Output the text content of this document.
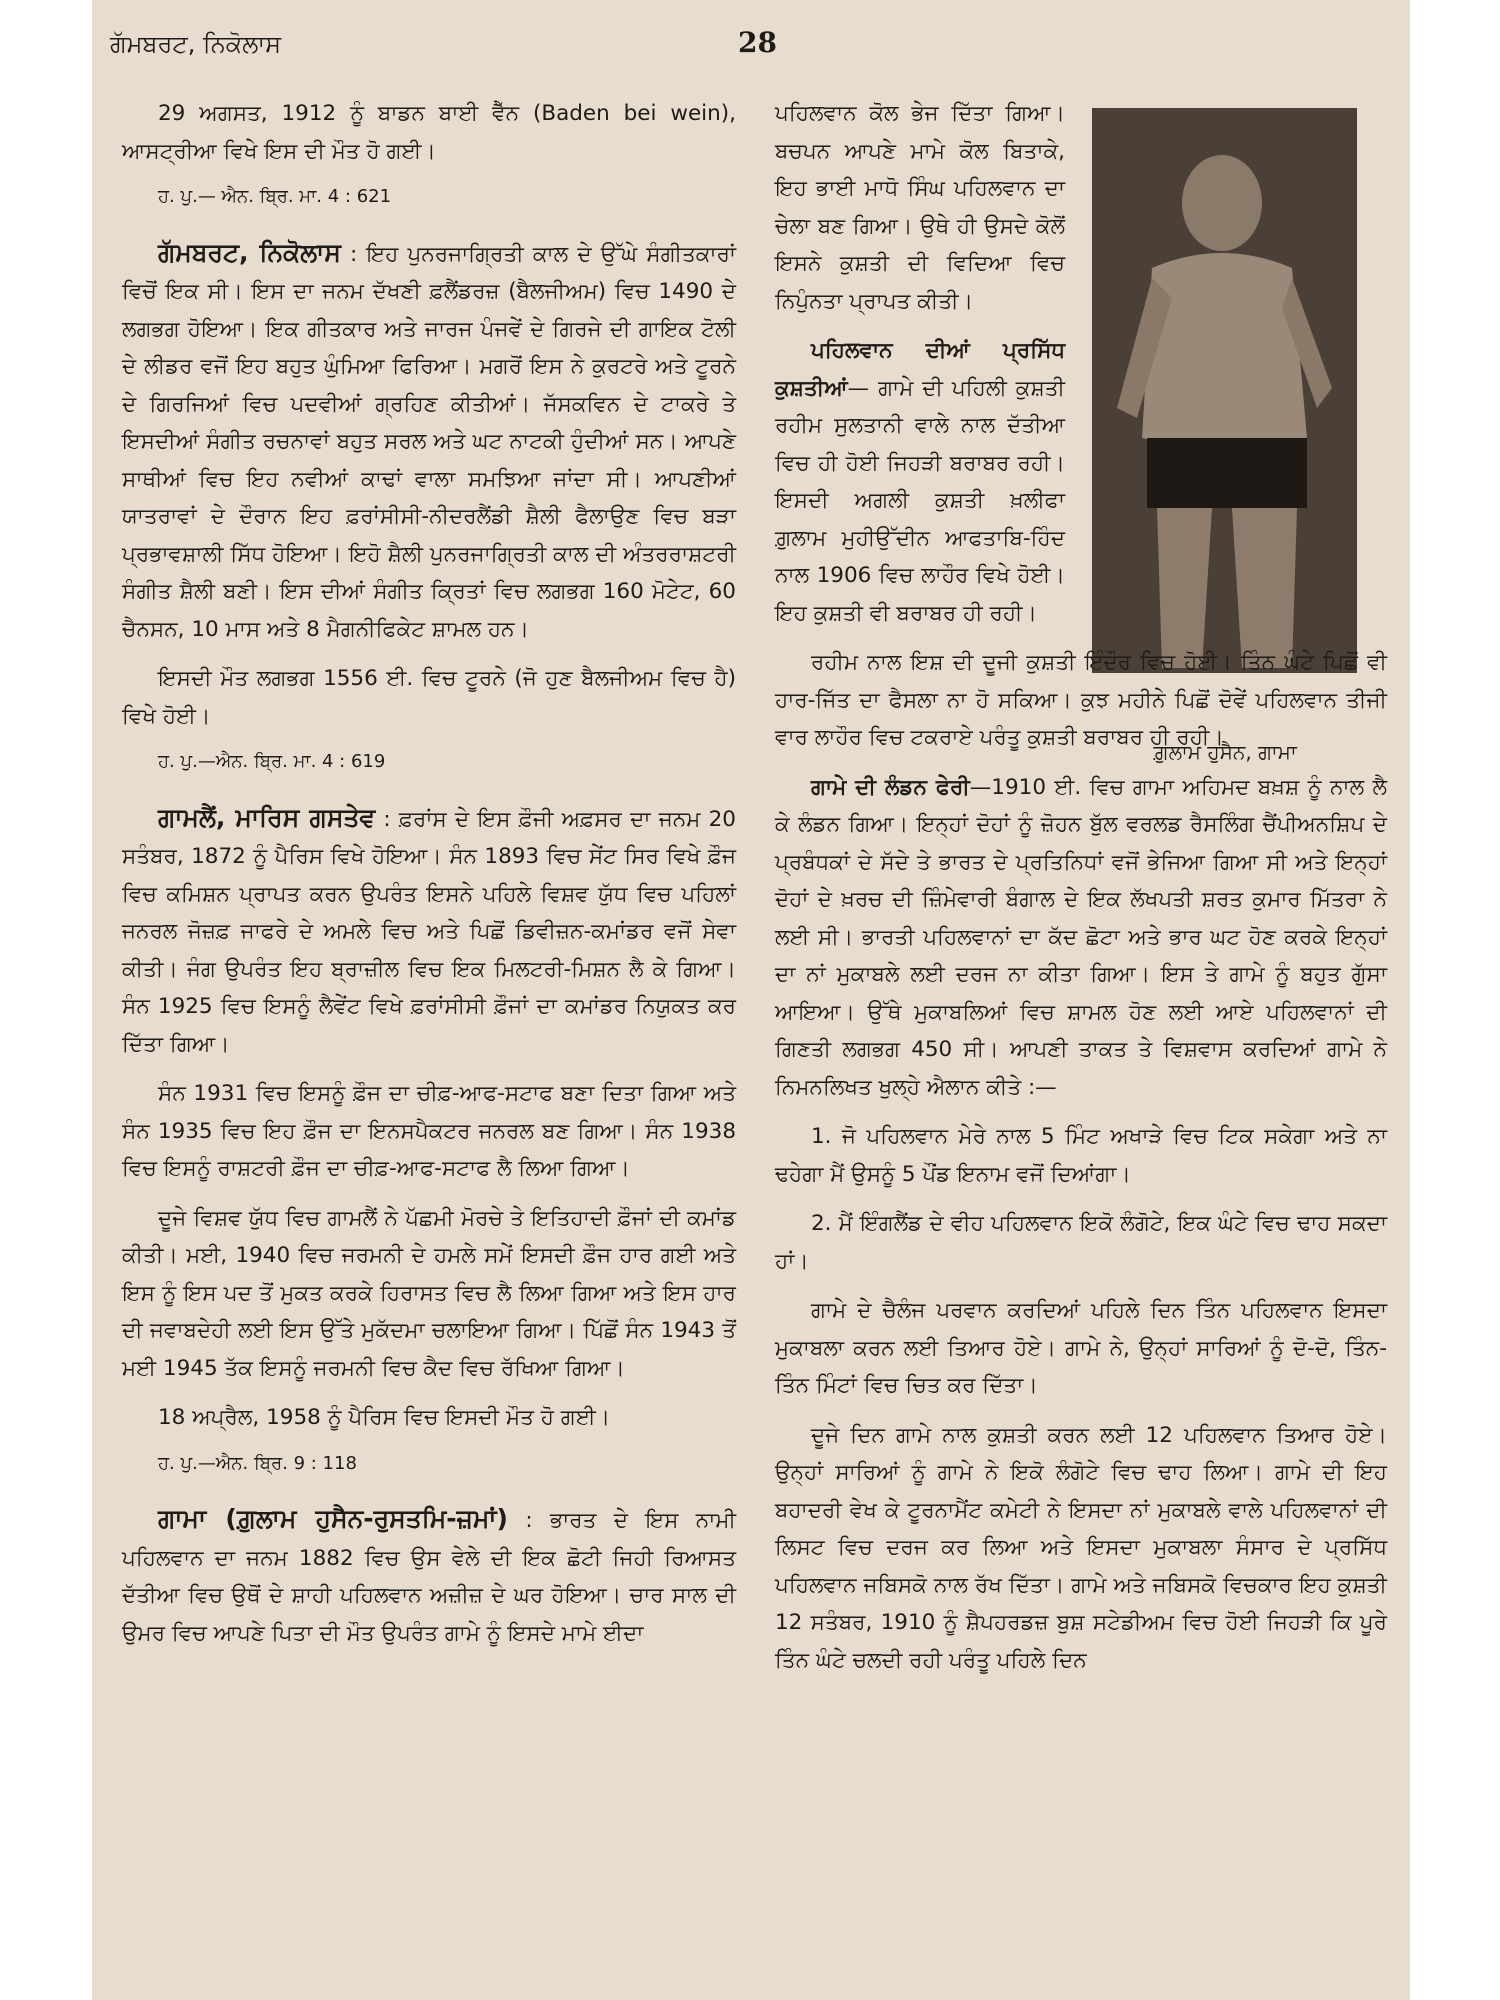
ਗੱਮਬਰਟ, ਨਿਕੋਲਾਸ	28

29 ਅਗਸਤ, 1912 ਨੂੰ ਬਾਡਨ ਬਾਈ ਵੈੱਨ (Baden bei wein), ਆਸਟ੍ਰੀਆ ਵਿਖੇ ਇਸ ਦੀ ਮੌਤ ਹੋ ਗਈ।

ਹ. ਪੁ.— ਐਨ. ਬ੍ਰਿ. ਮਾ. 4 : 621

ਗੱਮਬਰਟ, ਨਿਕੋਲਾਸ : ਇਹ ਪੁਨਰਜਾਗ੍ਰਿਤੀ ਕਾਲ ਦੇ ਉੱਘੇ ਸੰਗੀਤਕਾਰਾਂ ਵਿਚੋਂ ਇਕ ਸੀ। ਇਸ ਦਾ ਜਨਮ ਦੱਖਣੀ ਫ਼ਲੈਂਡਰਜ਼ (ਬੈਲਜੀਅਮ) ਵਿਚ 1490 ਦੇ ਲਗਭਗ ਹੋਇਆ। ਇਕ ਗੀਤਕਾਰ ਅਤੇ ਜਾਰਜ ਪੰਜਵੇਂ ਦੇ ਗਿਰਜੇ ਦੀ ਗਾਇਕ ਟੋਲੀ ਦੇ ਲੀਡਰ ਵਜੋਂ ਇਹ ਬਹੁਤ ਘੁੰਮਿਆ ਫਿਰਿਆ। ਮਗਰੋਂ ਇਸ ਨੇ ਕੁਰਟਰੇ ਅਤੇ ਟੂਰਨੇ ਦੇ ਗਿਰਜਿਆਂ ਵਿਚ ਪਦਵੀਆਂ ਗ੍ਰਹਿਣ ਕੀਤੀਆਂ। ਜੱਸਕਵਿਨ ਦੇ ਟਾਕਰੇ ਤੇ ਇਸਦੀਆਂ ਸੰਗੀਤ ਰਚਨਾਵਾਂ ਬਹੁਤ ਸਰਲ ਅਤੇ ਘਟ ਨਾਟਕੀ ਹੁੰਦੀਆਂ ਸਨ। ਆਪਣੇ ਸਾਥੀਆਂ ਵਿਚ ਇਹ ਨਵੀਆਂ ਕਾਢਾਂ ਵਾਲਾ ਸਮਝਿਆ ਜਾਂਦਾ ਸੀ। ਆਪਣੀਆਂ ਯਾਤਰਾਵਾਂ ਦੇ ਦੌਰਾਨ ਇਹ ਫ਼ਰਾਂਸੀਸੀ-ਨੀਦਰਲੈਂਡੀ ਸ਼ੈਲੀ ਫੈਲਾਉਣ ਵਿਚ ਬੜਾ ਪ੍ਰਭਾਵਸ਼ਾਲੀ ਸਿੱਧ ਹੋਇਆ। ਇਹੋ ਸ਼ੈਲੀ ਪੁਨਰਜਾਗ੍ਰਿਤੀ ਕਾਲ ਦੀ ਅੰਤਰਰਾਸ਼ਟਰੀ ਸੰਗੀਤ ਸ਼ੈਲੀ ਬਣੀ। ਇਸ ਦੀਆਂ ਸੰਗੀਤ ਕ੍ਰਿਤਾਂ ਵਿਚ ਲਗਭਗ 160 ਮੋਟੇਟ, 60 ਚੈਨਸਨ, 10 ਮਾਸ ਅਤੇ 8 ਮੈਗਨੀਫਿਕੇਟ ਸ਼ਾਮਲ ਹਨ।

ਇਸਦੀ ਮੌਤ ਲਗਭਗ 1556 ਈ. ਵਿਚ ਟੂਰਨੇ (ਜੋ ਹੁਣ ਬੈਲਜੀਅਮ ਵਿਚ ਹੈ) ਵਿਖੇ ਹੋਈ।

ਹ. ਪੁ.—ਐਨ. ਬ੍ਰਿ. ਮਾ. 4 : 619

ਗਾਮਲੈਂ, ਮਾਰਿਸ ਗਸਤੇਵ : ਫ਼ਰਾਂਸ ਦੇ ਇਸ ਫ਼ੌਜੀ ਅਫ਼ਸਰ ਦਾ ਜਨਮ 20 ਸਤੰਬਰ, 1872 ਨੂੰ ਪੈਰਿਸ ਵਿਖੇ ਹੋਇਆ। ਸੰਨ 1893 ਵਿਚ ਸੇਂਟ ਸਿਰ ਵਿਖੇ ਫ਼ੌਜ ਵਿਚ ਕਮਿਸ਼ਨ ਪ੍ਰਾਪਤ ਕਰਨ ਉਪਰੰਤ ਇਸਨੇ ਪਹਿਲੇ ਵਿਸ਼ਵ ਯੁੱਧ ਵਿਚ ਪਹਿਲਾਂ ਜਨਰਲ ਜੋਜ਼ਫ਼ ਜਾਫਰੇ ਦੇ ਅਮਲੇ ਵਿਚ ਅਤੇ ਪਿਛੋਂ ਡਿਵੀਜ਼ਨ-ਕਮਾਂਡਰ ਵਜੋਂ ਸੇਵਾ ਕੀਤੀ। ਜੰਗ ਉਪਰੰਤ ਇਹ ਬ੍ਰਾਜ਼ੀਲ ਵਿਚ ਇਕ ਮਿਲਟਰੀ-ਮਿਸ਼ਨ ਲੈ ਕੇ ਗਿਆ। ਸੰਨ 1925 ਵਿਚ ਇਸਨੂੰ ਲੈਵੇਂਟ ਵਿਖੇ ਫ਼ਰਾਂਸੀਸੀ ਫ਼ੌਜਾਂ ਦਾ ਕਮਾਂਡਰ ਨਿਯੁਕਤ ਕਰ ਦਿੱਤਾ ਗਿਆ।

ਸੰਨ 1931 ਵਿਚ ਇਸਨੂੰ ਫ਼ੌਜ ਦਾ ਚੀਫ਼-ਆਫ-ਸਟਾਫ ਬਣਾ ਦਿਤਾ ਗਿਆ ਅਤੇ ਸੰਨ 1935 ਵਿਚ ਇਹ ਫ਼ੌਜ ਦਾ ਇਨਸਪੈਕਟਰ ਜਨਰਲ ਬਣ ਗਿਆ। ਸੰਨ 1938 ਵਿਚ ਇਸਨੂੰ ਰਾਸ਼ਟਰੀ ਫ਼ੌਜ ਦਾ ਚੀਫ਼-ਆਫ-ਸਟਾਫ ਲੈ ਲਿਆ ਗਿਆ।

ਦੂਜੇ ਵਿਸ਼ਵ ਯੁੱਧ ਵਿਚ ਗਾਮਲੈਂ ਨੇ ਪੱਛਮੀ ਮੋਰਚੇ ਤੇ ਇਤਿਹਾਦੀ ਫ਼ੌਜਾਂ ਦੀ ਕਮਾਂਡ ਕੀਤੀ। ਮਈ, 1940 ਵਿਚ ਜਰਮਨੀ ਦੇ ਹਮਲੇ ਸਮੇਂ ਇਸਦੀ ਫ਼ੌਜ ਹਾਰ ਗਈ ਅਤੇ ਇਸ ਨੂੰ ਇਸ ਪਦ ਤੋਂ ਮੁਕਤ ਕਰਕੇ ਹਿਰਾਸਤ ਵਿਚ ਲੈ ਲਿਆ ਗਿਆ ਅਤੇ ਇਸ ਹਾਰ ਦੀ ਜਵਾਬਦੇਹੀ ਲਈ ਇਸ ਉੱਤੇ ਮੁਕੱਦਮਾ ਚਲਾਇਆ ਗਿਆ। ਪਿੱਛੋਂ ਸੰਨ 1943 ਤੋਂ ਮਈ 1945 ਤੱਕ ਇਸਨੂੰ ਜਰਮਨੀ ਵਿਚ ਕੈਦ ਵਿਚ ਰੱਖਿਆ ਗਿਆ।

18 ਅਪ੍ਰੈਲ, 1958 ਨੂੰ ਪੈਰਿਸ ਵਿਚ ਇਸਦੀ ਮੌਤ ਹੋ ਗਈ।

ਹ. ਪੁ.—ਐਨ. ਬ੍ਰਿ. 9 : 118

ਗਾਮਾ (ਗ਼ੁਲਾਮ ਹੁਸੈਨ-ਰੁਸਤਮਿ-ਜ਼ਮਾਂ) : ਭਾਰਤ ਦੇ ਇਸ ਨਾਮੀ ਪਹਿਲਵਾਨ ਦਾ ਜਨਮ 1882 ਵਿਚ ਉਸ ਵੇਲੇ ਦੀ ਇਕ ਛੋਟੀ ਜਿਹੀ ਰਿਆਸਤ ਦੱਤੀਆ ਵਿਚ ਉਥੋਂ ਦੇ ਸ਼ਾਹੀ ਪਹਿਲਵਾਨ ਅਜ਼ੀਜ਼ ਦੇ ਘਰ ਹੋਇਆ। ਚਾਰ ਸਾਲ ਦੀ ਉਮਰ ਵਿਚ ਆਪਣੇ ਪਿਤਾ ਦੀ ਮੌਤ ਉਪਰੰਤ ਗਾਮੇ ਨੂੰ ਇਸਦੇ ਮਾਮੇ ਈਦਾ

ਗ਼ੁਲਾਮ ਹੁਸੈਨ, ਗਾਮਾ

ਪਹਿਲਵਾਨ ਕੋਲ ਭੇਜ ਦਿੱਤਾ ਗਿਆ। ਬਚਪਨ ਆਪਣੇ ਮਾਮੇ ਕੋਲ ਬਿਤਾਕੇ, ਇਹ ਭਾਈ ਮਾਧੋ ਸਿੰਘ ਪਹਿਲਵਾਨ ਦਾ ਚੇਲਾ ਬਣ ਗਿਆ। ਉਥੇ ਹੀ ਉਸਦੇ ਕੋਲੋਂ ਇਸਨੇ ਕੁਸ਼ਤੀ ਦੀ ਵਿਦਿਆ ਵਿਚ ਨਿਪੁੰਨਤਾ ਪ੍ਰਾਪਤ ਕੀਤੀ।

ਪਹਿਲਵਾਨ ਦੀਆਂ ਪ੍ਰਸਿੱਧ ਕੁਸ਼ਤੀਆਂ— ਗਾਮੇ ਦੀ ਪਹਿਲੀ ਕੁਸ਼ਤੀ ਰਹੀਮ ਸੁਲਤਾਨੀ ਵਾਲੇ ਨਾਲ ਦੱਤੀਆ ਵਿਚ ਹੀ ਹੋਈ ਜਿਹੜੀ ਬਰਾਬਰ ਰਹੀ। ਇਸਦੀ ਅਗਲੀ ਕੁਸ਼ਤੀ ਖ਼ਲੀਫਾ ਗ਼ੁਲਾਮ ਮੁਹੀਉੱਦੀਨ ਆਫਤਾਬਿ-ਹਿੰਦ ਨਾਲ 1906 ਵਿਚ ਲਾਹੌਰ ਵਿਖੇ ਹੋਈ। ਇਹ ਕੁਸ਼ਤੀ ਵੀ ਬਰਾਬਰ ਹੀ ਰਹੀ।

ਰਹੀਮ ਨਾਲ ਇਸ਼ ਦੀ ਦੂਜੀ ਕੁਸ਼ਤੀ ਇੰਦੌਰ ਵਿਚ ਹੋਈ। ਤਿੰਨ ਘੰਟੇ ਪਿਛੋਂ ਵੀ ਹਾਰ-ਜਿੱਤ ਦਾ ਫੈਸਲਾ ਨਾ ਹੋ ਸਕਿਆ। ਕੁਝ ਮਹੀਨੇ ਪਿਛੋਂ ਦੋਵੇਂ ਪਹਿਲਵਾਨ ਤੀਜੀ ਵਾਰ ਲਾਹੌਰ ਵਿਚ ਟਕਰਾਏ ਪਰੰਤੂ ਕੁਸ਼ਤੀ ਬਰਾਬਰ ਹੀ ਰਹੀ।

ਗਾਮੇ ਦੀ ਲੰਡਨ ਫੇਰੀ—1910 ਈ. ਵਿਚ ਗਾਮਾ ਅਹਿਮਦ ਬਖ਼ਸ਼ ਨੂੰ ਨਾਲ ਲੈ ਕੇ ਲੰਡਨ ਗਿਆ। ਇਨ੍ਹਾਂ ਦੋਹਾਂ ਨੂੰ ਜ਼ੋਹਨ ਬੁੱਲ ਵਰਲਡ ਰੈਸਲਿੰਗ ਚੈਂਪੀਅਨਸ਼ਿਪ ਦੇ ਪ੍ਰਬੰਧਕਾਂ ਦੇ ਸੱਦੇ ਤੇ ਭਾਰਤ ਦੇ ਪ੍ਰਤਿਨਿਧਾਂ ਵਜੋਂ ਭੇਜਿਆ ਗਿਆ ਸੀ ਅਤੇ ਇਨ੍ਹਾਂ ਦੋਹਾਂ ਦੇ ਖ਼ਰਚ ਦੀ ਜ਼ਿੰਮੇਵਾਰੀ ਬੰਗਾਲ ਦੇ ਇਕ ਲੱਖਪਤੀ ਸ਼ਰਤ ਕੁਮਾਰ ਮਿੱਤਰਾ ਨੇ ਲਈ ਸੀ। ਭਾਰਤੀ ਪਹਿਲਵਾਨਾਂ ਦਾ ਕੱਦ ਛੋਟਾ ਅਤੇ ਭਾਰ ਘਟ ਹੋਣ ਕਰਕੇ ਇਨ੍ਹਾਂ ਦਾ ਨਾਂ ਮੁਕਾਬਲੇ ਲਈ ਦਰਜ ਨਾ ਕੀਤਾ ਗਿਆ। ਇਸ ਤੇ ਗਾਮੇ ਨੂੰ ਬਹੁਤ ਗੁੱਸਾ ਆਇਆ। ਉੱਥੇ ਮੁਕਾਬਲਿਆਂ ਵਿਚ ਸ਼ਾਮਲ ਹੋਣ ਲਈ ਆਏ ਪਹਿਲਵਾਨਾਂ ਦੀ ਗਿਣਤੀ ਲਗਭਗ 450 ਸੀ। ਆਪਣੀ ਤਾਕਤ ਤੇ ਵਿਸ਼ਵਾਸ ਕਰਦਿਆਂ ਗਾਮੇ ਨੇ ਨਿਮਨਲਿਖਤ ਖੁਲ੍ਹੇ ਐਲਾਨ ਕੀਤੇ :—

1. ਜੋ ਪਹਿਲਵਾਨ ਮੇਰੇ ਨਾਲ 5 ਮਿੰਟ ਅਖਾੜੇ ਵਿਚ ਟਿਕ ਸਕੇਗਾ ਅਤੇ ਨਾ ਢਹੇਗਾ ਮੈਂ ਉਸਨੂੰ 5 ਪੌਂਡ ਇਨਾਮ ਵਜੋਂ ਦਿਆਂਗਾ।

2. ਮੈਂ ਇੰਗਲੈਂਡ ਦੇ ਵੀਹ ਪਹਿਲਵਾਨ ਇਕੋ ਲੰਗੋਟੇ, ਇਕ ਘੰਟੇ ਵਿਚ ਢਾਹ ਸਕਦਾ ਹਾਂ।

ਗਾਮੇ ਦੇ ਚੈਲੰਜ ਪਰਵਾਨ ਕਰਦਿਆਂ ਪਹਿਲੇ ਦਿਨ ਤਿੰਨ ਪਹਿਲਵਾਨ ਇਸਦਾ ਮੁਕਾਬਲਾ ਕਰਨ ਲਈ ਤਿਆਰ ਹੋਏ। ਗਾਮੇ ਨੇ, ਉਨ੍ਹਾਂ ਸਾਰਿਆਂ ਨੂੰ ਦੋ-ਦੋ, ਤਿੰਨ-ਤਿੰਨ ਮਿੰਟਾਂ ਵਿਚ ਚਿਤ ਕਰ ਦਿੱਤਾ।

ਦੂਜੇ ਦਿਨ ਗਾਮੇ ਨਾਲ ਕੁਸ਼ਤੀ ਕਰਨ ਲਈ 12 ਪਹਿਲਵਾਨ ਤਿਆਰ ਹੋਏ। ਉਨ੍ਹਾਂ ਸਾਰਿਆਂ ਨੂੰ ਗਾਮੇ ਨੇ ਇਕੋ ਲੰਗੋਟੇ ਵਿਚ ਢਾਹ ਲਿਆ। ਗਾਮੇ ਦੀ ਇਹ ਬਹਾਦਰੀ ਵੇਖ ਕੇ ਟੂਰਨਾਮੈਂਟ ਕਮੇਟੀ ਨੇ ਇਸਦਾ ਨਾਂ ਮੁਕਾਬਲੇ ਵਾਲੇ ਪਹਿਲਵਾਨਾਂ ਦੀ ਲਿਸਟ ਵਿਚ ਦਰਜ ਕਰ ਲਿਆ ਅਤੇ ਇਸਦਾ ਮੁਕਾਬਲਾ ਸੰਸਾਰ ਦੇ ਪ੍ਰਸਿੱਧ ਪਹਿਲਵਾਨ ਜਬਿਸਕੋ ਨਾਲ ਰੱਖ ਦਿੱਤਾ। ਗਾਮੇ ਅਤੇ ਜਬਿਸਕੋ ਵਿਚਕਾਰ ਇਹ ਕੁਸ਼ਤੀ 12 ਸਤੰਬਰ, 1910 ਨੂੰ ਸ਼ੈਪਹਰਡਜ਼ ਬੁਸ਼ ਸਟੇਡੀਅਮ ਵਿਚ ਹੋਈ ਜਿਹੜੀ ਕਿ ਪੂਰੇ ਤਿੰਨ ਘੰਟੇ ਚਲਦੀ ਰਹੀ ਪਰੰਤੂ ਪਹਿਲੇ ਦਿਨ
